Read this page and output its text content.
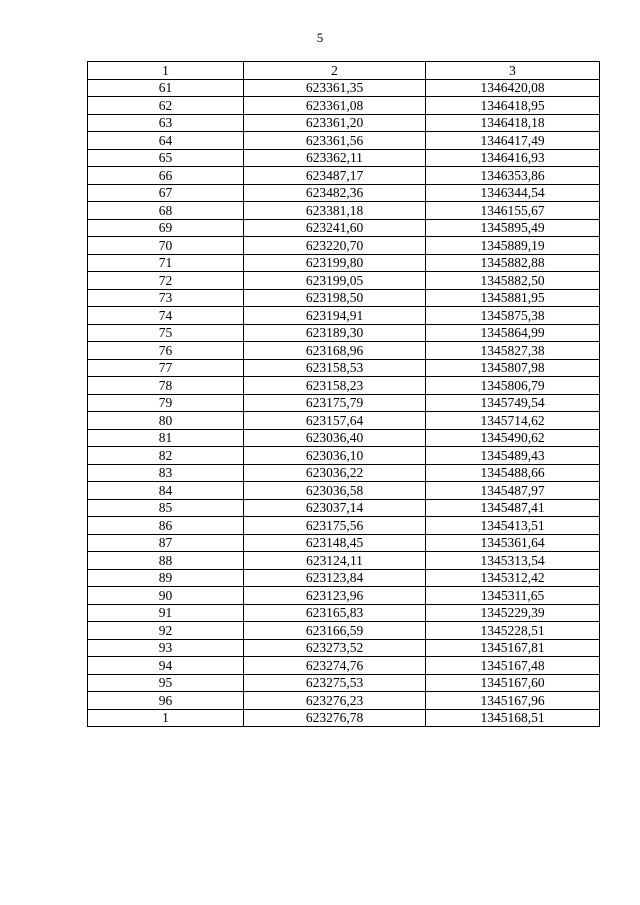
5
1	2	3
61	623361,35	1346420,08
62	623361,08	1346418,95
63	623361,20	1346418,18
64	623361,56	1346417,49
65	623362,11	1346416,93
66	623487,17	1346353,86
67	623482,36	1346344,54
68	623381,18	1346155,67
69	623241,60	1345895,49
70	623220,70	1345889,19
71	623199,80	1345882,88
72	623199,05	1345882,50
73	623198,50	1345881,95
74	623194,91	1345875,38
75	623189,30	1345864,99
76	623168,96	1345827,38
77	623158,53	1345807,98
78	623158,23	1345806,79
79	623175,79	1345749,54
80	623157,64	1345714,62
81	623036,40	1345490,62
82	623036,10	1345489,43
83	623036,22	1345488,66
84	623036,58	1345487,97
85	623037,14	1345487,41
86	623175,56	1345413,51
87	623148,45	1345361,64
88	623124,11	1345313,54
89	623123,84	1345312,42
90	623123,96	1345311,65
91	623165,83	1345229,39
92	623166,59	1345228,51
93	623273,52	1345167,81
94	623274,76	1345167,48
95	623275,53	1345167,60
96	623276,23	1345167,96
1	623276,78	1345168,51
